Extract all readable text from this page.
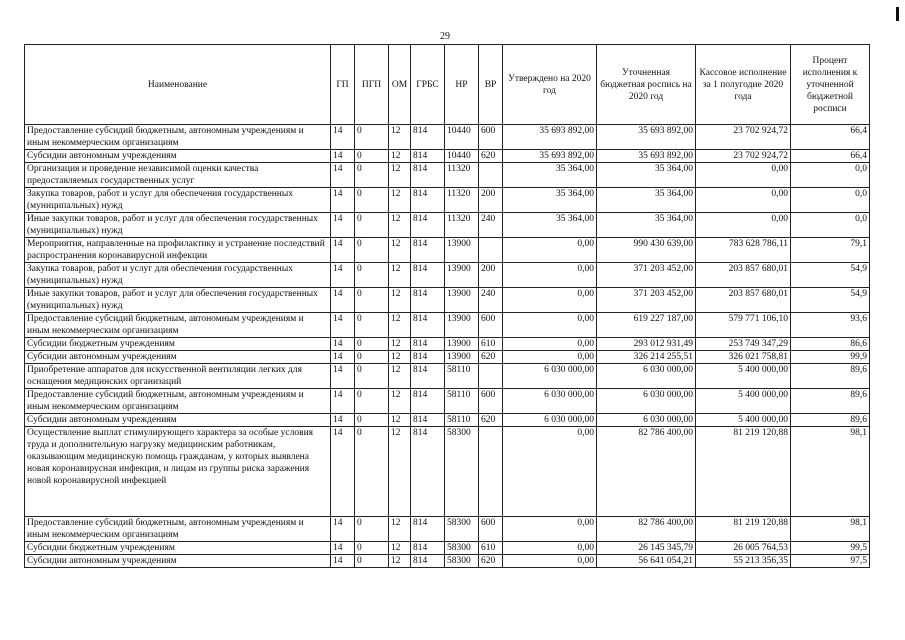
29
Наименование	ГП	ПГП	ОМ	ГРБС	НР	ВР	Утверждено на 2020 год	Уточненная бюджетная роспись на 2020 год	Кассовое исполнение за 1 полугодие 2020 года	Процент исполнения к уточненной бюджетной росписи
Предоставление субсидий бюджетным, автономным учреждениям и иным некоммерческим организациям	14	0	12	814	10440	600	35 693 892,00	35 693 892,00	23 702 924,72	66,4
Субсидии автономным учреждениям	14	0	12	814	10440	620	35 693 892,00	35 693 892,00	23 702 924,72	66,4
Организация и проведение независимой оценки качества предоставляемых государственных услуг	14	0	12	814	11320		35 364,00	35 364,00	0,00	0,0
Закупка товаров, работ и услуг для обеспечения государственных (муниципальных) нужд	14	0	12	814	11320	200	35 364,00	35 364,00	0,00	0,0
Иные закупки товаров, работ и услуг для обеспечения государственных (муниципальных) нужд	14	0	12	814	11320	240	35 364,00	35 364,00	0,00	0,0
Мероприятия, направленные на профилактику и устранение последствий распространения коронавирусной инфекции	14	0	12	814	13900		0,00	990 430 639,00	783 628 786,11	79,1
Закупка товаров, работ и услуг для обеспечения государственных (муниципальных) нужд	14	0	12	814	13900	200	0,00	371 203 452,00	203 857 680,01	54,9
Иные закупки товаров, работ и услуг для обеспечения государственных (муниципальных) нужд	14	0	12	814	13900	240	0,00	371 203 452,00	203 857 680,01	54,9
Предоставление субсидий бюджетным, автономным учреждениям и иным некоммерческим организациям	14	0	12	814	13900	600	0,00	619 227 187,00	579 771 106,10	93,6
Субсидии бюджетным учреждениям	14	0	12	814	13900	610	0,00	293 012 931,49	253 749 347,29	86,6
Субсидии автономным учреждениям	14	0	12	814	13900	620	0,00	326 214 255,51	326 021 758,81	99,9
Приобретение аппаратов для искусственной вентиляции легких для оснащения медицинских организаций	14	0	12	814	58110		6 030 000,00	6 030 000,00	5 400 000,00	89,6
Предоставление субсидий бюджетным, автономным учреждениям и иным некоммерческим организациям	14	0	12	814	58110	600	6 030 000,00	6 030 000,00	5 400 000,00	89,6
Субсидии автономным учреждениям	14	0	12	814	58110	620	6 030 000,00	6 030 000,00	5 400 000,00	89,6
Осуществление выплат стимулирующего характера за особые условия труда и дополнительную нагрузку медицинским работникам, оказывающим медицинскую помощь гражданам, у которых выявлена новая коронавирусная инфекция, и лицам из группы риска заражения новой коронавирусной инфекцией	14	0	12	814	58300		0,00	82 786 400,00	81 219 120,88	98,1
Предоставление субсидий бюджетным, автономным учреждениям и иным некоммерческим организациям	14	0	12	814	58300	600	0,00	82 786 400,00	81 219 120,88	98,1
Субсидии бюджетным учреждениям	14	0	12	814	58300	610	0,00	26 145 345,79	26 005 764,53	99,5
Субсидии автономным учреждениям	14	0	12	814	58300	620	0,00	56 641 054,21	55 213 356,35	97,5
